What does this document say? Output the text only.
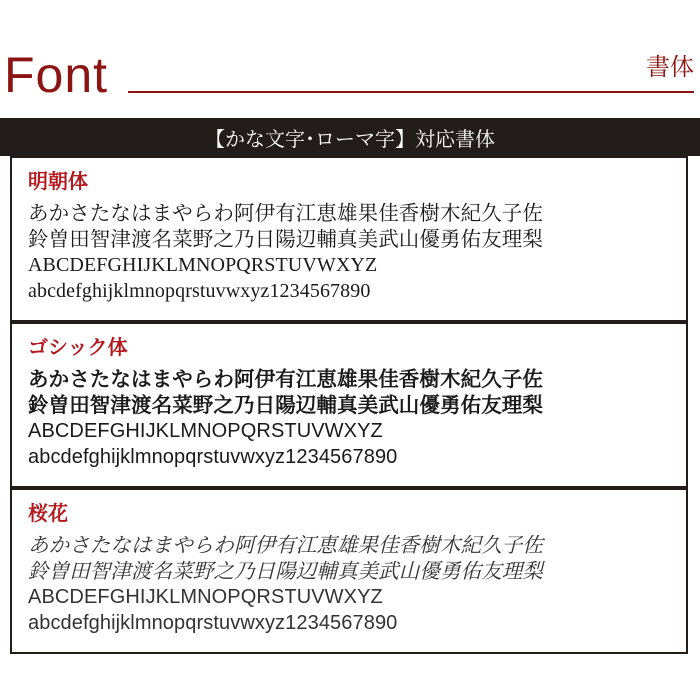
Font	書体
【かな文字･ローマ字】対応書体
明朝体
あかさたなはまやらわ阿伊有江恵雄果佳香樹木紀久子佐
鈴曽田智津渡名菜野之乃日陽辺輔真美武山優勇佑友理梨
ABCDEFGHIJKLMNOPQRSTUVWXYZ
abcdefghijklmnopqrstuvwxyz1234567890
ゴシック体
あかさたなはまやらわ阿伊有江恵雄果佳香樹木紀久子佐
鈴曽田智津渡名菜野之乃日陽辺輔真美武山優勇佑友理梨
ABCDEFGHIJKLMNOPQRSTUVWXYZ
abcdefghijklmnopqrstuvwxyz1234567890
桜花
あかさたなはまやらわ阿伊有江恵雄果佳香樹木紀久子佐
鈴曽田智津渡名菜野之乃日陽辺輔真美武山優勇佑友理梨
ABCDEFGHIJKLMNOPQRSTUVWXYZ
abcdefghijklmnopqrstuvwxyz1234567890
